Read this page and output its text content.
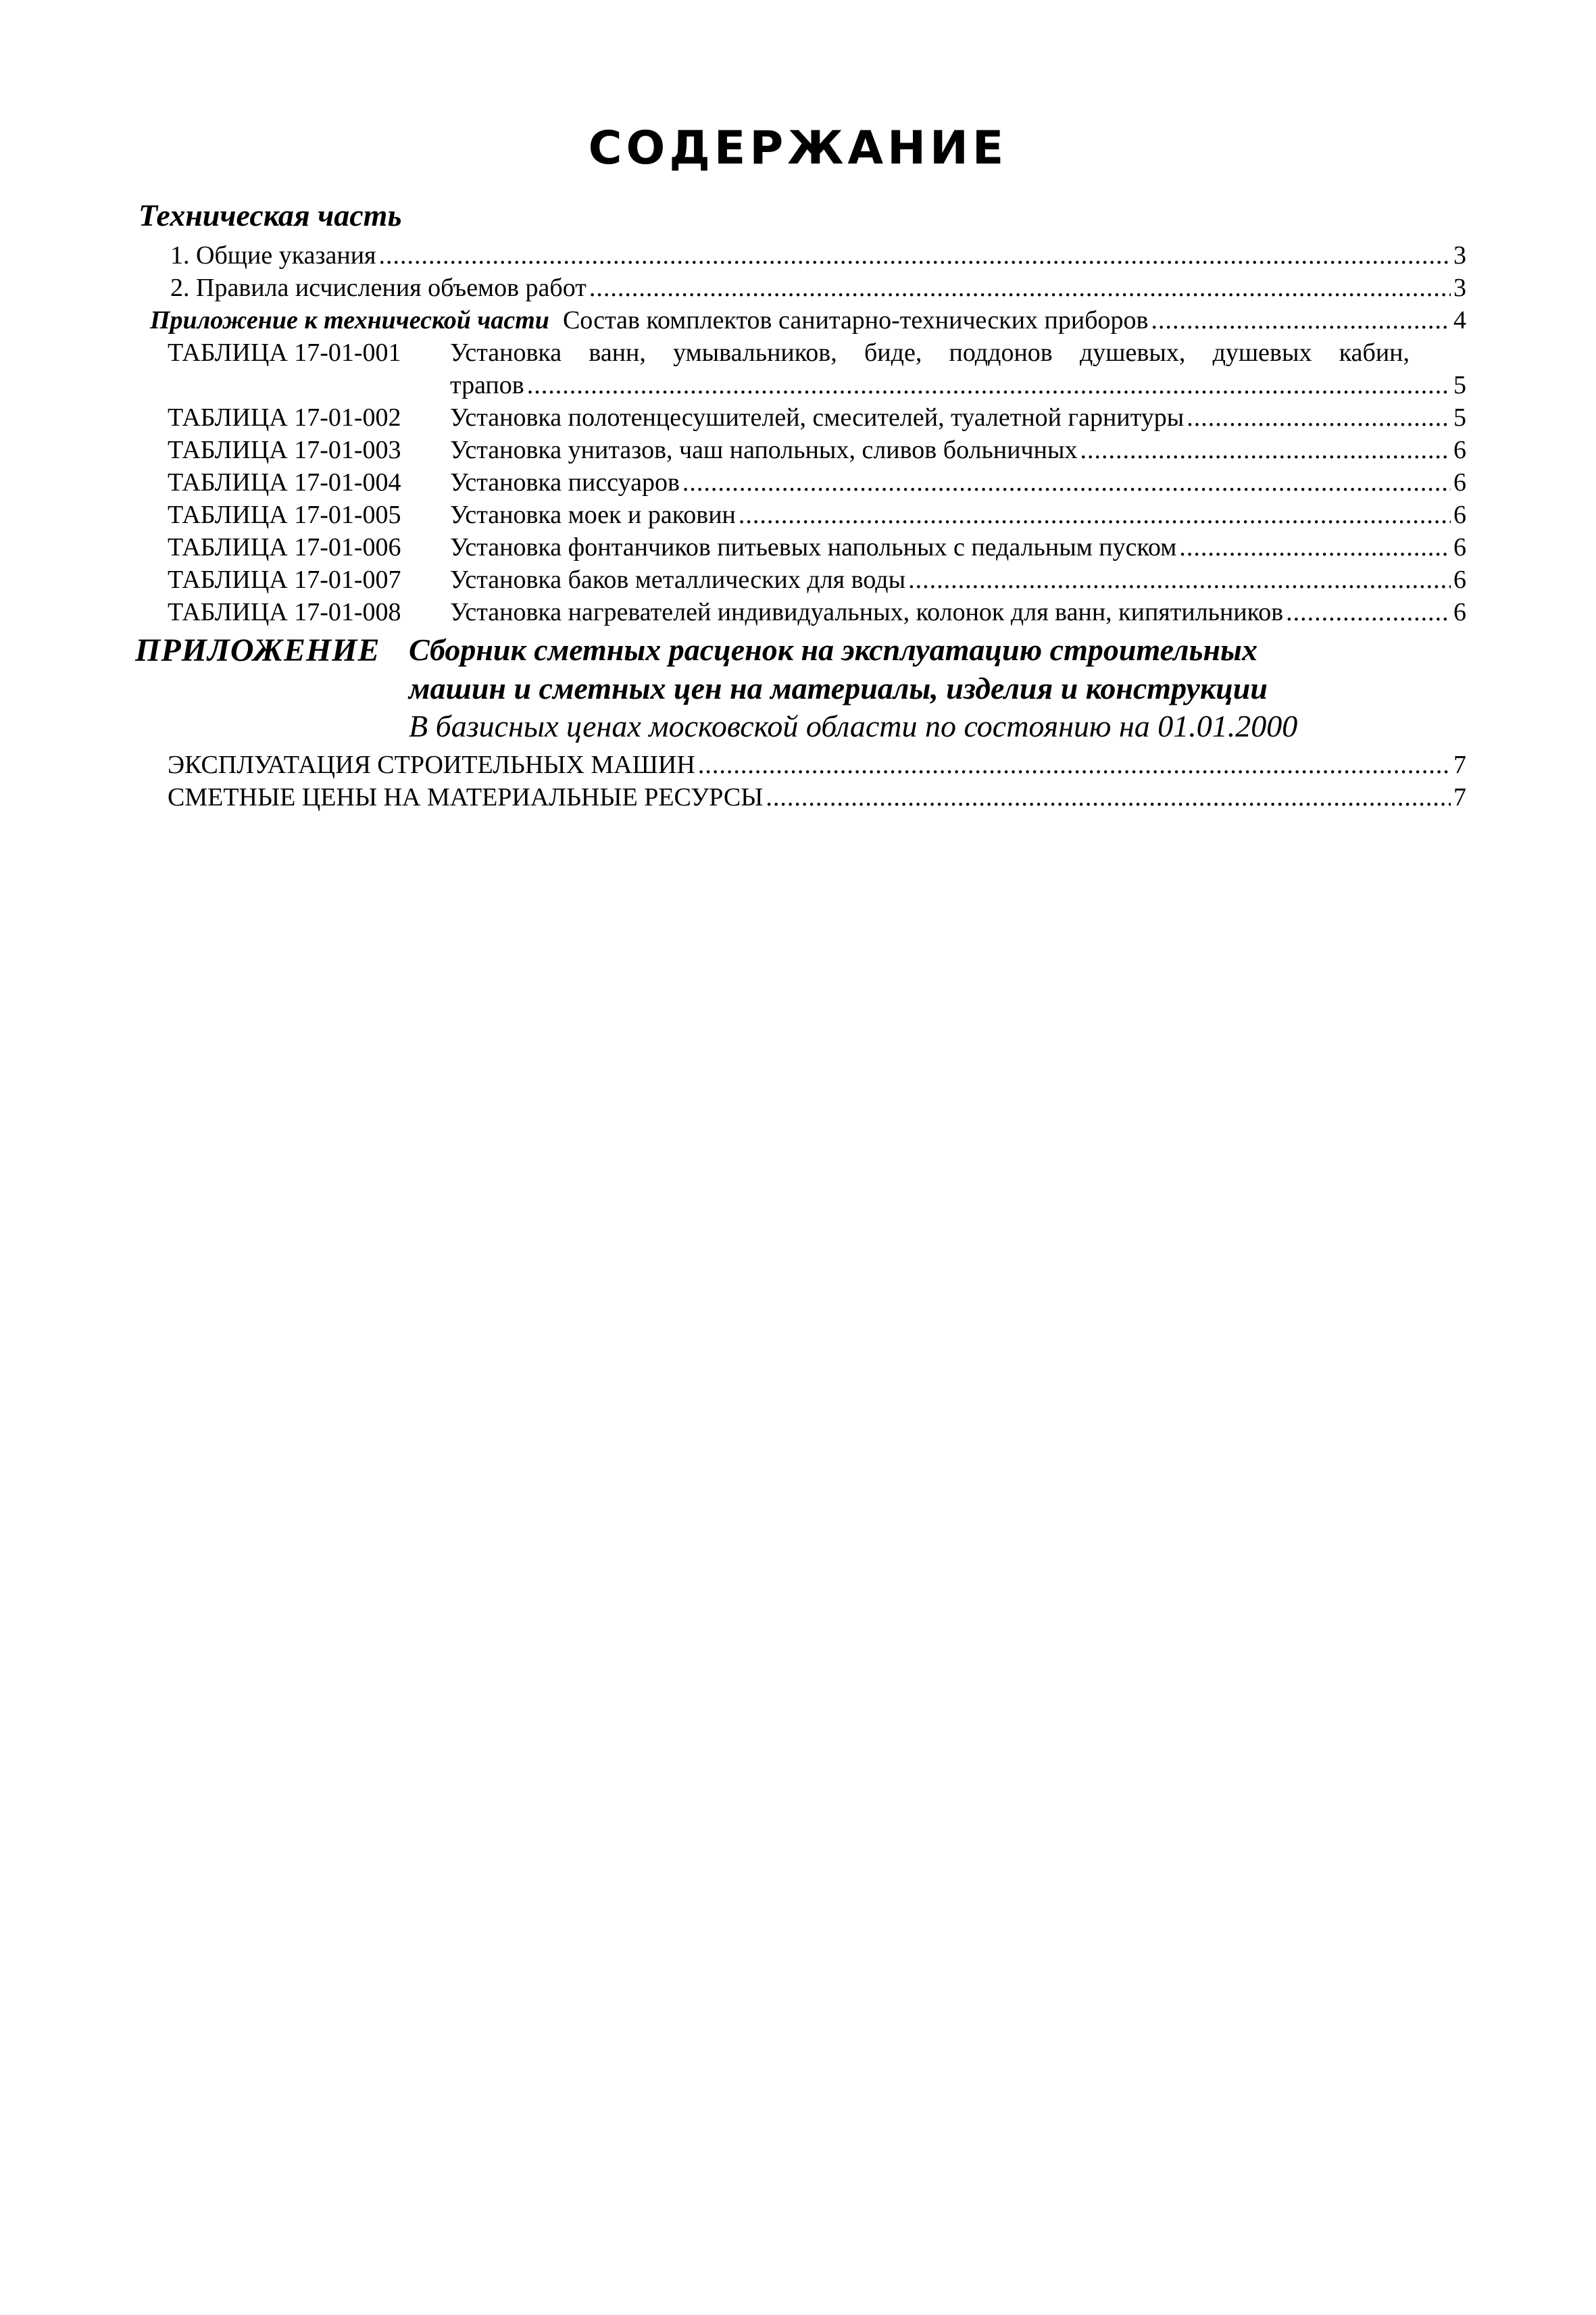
СОДЕРЖАНИЕ
Техническая часть
1. Общие указания .....	3
2. Правила исчисления объемов работ .....	3
Приложение к технической части Состав комплектов санитарно-технических приборов .....	4
ТАБЛИЦА 17-01-001	Установка ванн, умывальников, биде, поддонов душевых, душевых кабин,
трапов .....	5
ТАБЛИЦА 17-01-002	Установка полотенцесушителей, смесителей, туалетной гарнитуры .....	5
ТАБЛИЦА 17-01-003	Установка унитазов, чаш напольных, сливов больничных .....	6
ТАБЛИЦА 17-01-004	Установка писсуаров .....	6
ТАБЛИЦА 17-01-005	Установка моек и раковин .....	6
ТАБЛИЦА 17-01-006	Установка фонтанчиков питьевых напольных с педальным пуском .....	6
ТАБЛИЦА 17-01-007	Установка баков металлических для воды .....	6
ТАБЛИЦА 17-01-008	Установка нагревателей индивидуальных, колонок для ванн, кипятильников .....	6
ПРИЛОЖЕНИЕ Сборник сметных расценок на эксплуатацию строительных
машин и сметных цен на материалы, изделия и конструкции
В базисных ценах московской области по состоянию на 01.01.2000
ЭКСПЛУАТАЦИЯ СТРОИТЕЛЬНЫХ МАШИН .....	7
СМЕТНЫЕ ЦЕНЫ НА МАТЕРИАЛЬНЫЕ РЕСУРСЫ .....	7
